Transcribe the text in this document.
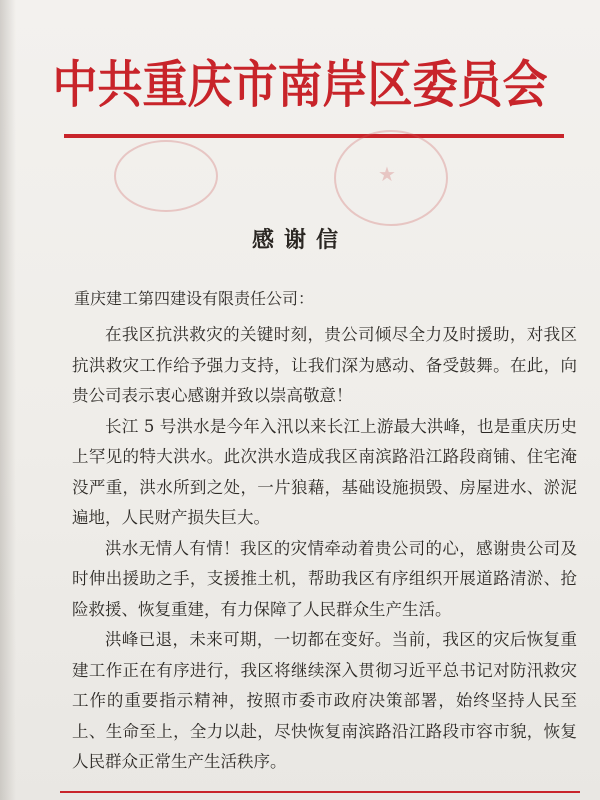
中共重庆市南岸区委员会
★
感谢信
重庆建工第四建设有限责任公司：

在我区抗洪救灾的关键时刻，贵公司倾尽全力及时援助，对我区抗洪救灾工作给予强力支持，让我们深为感动、备受鼓舞。在此，向贵公司表示衷心感谢并致以崇高敬意！

长江 5 号洪水是今年入汛以来长江上游最大洪峰，也是重庆历史上罕见的特大洪水。此次洪水造成我区南滨路沿江路段商铺、住宅淹没严重，洪水所到之处，一片狼藉，基础设施损毁、房屋进水、淤泥遍地，人民财产损失巨大。

洪水无情人有情！我区的灾情牵动着贵公司的心，感谢贵公司及时伸出援助之手，支援推土机，帮助我区有序组织开展道路清淤、抢险救援、恢复重建，有力保障了人民群众生产生活。

洪峰已退，未来可期，一切都在变好。当前，我区的灾后恢复重建工作正在有序进行，我区将继续深入贯彻习近平总书记对防汛救灾工作的重要指示精神，按照市委市政府决策部署，始终坚持人民至上、生命至上，全力以赴，尽快恢复南滨路沿江路段市容市貌，恢复人民群众正常生产生活秩序。
